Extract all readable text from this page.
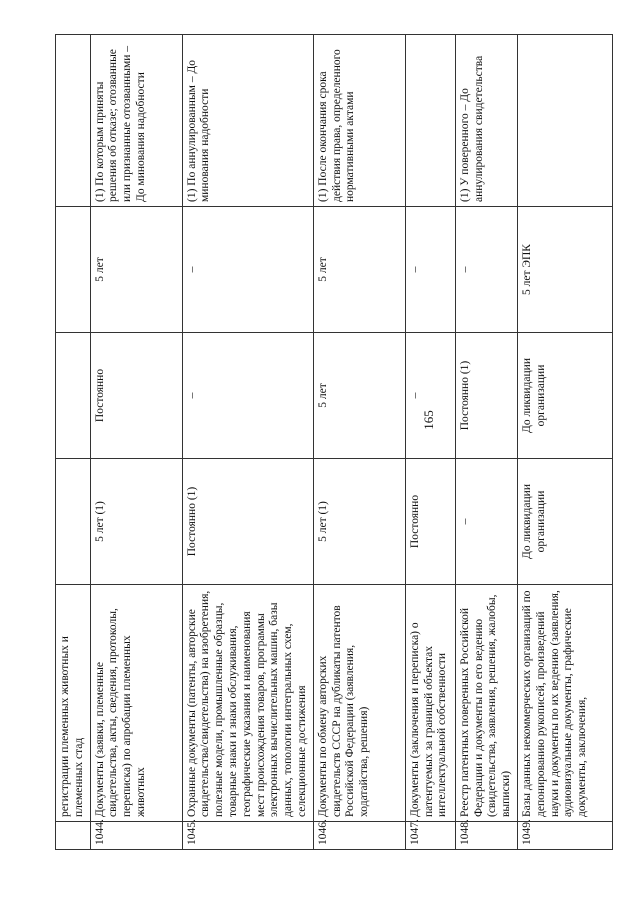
165
	регистрации племенных животных и племенных стад				
1044.	Документы (заявки, племенные свидетельства, акты, сведения, протоколы, переписка) по апробации племенных животных	5 лет (1)	Постоянно	5 лет	(1) По которым приняты решения об отказе; отозванные или признанные отозванными – До минования надобности
1045.	Охранные документы (патенты, авторские свидетельства/свидетельства) на изобретения, полезные модели, промышленные образцы, товарные знаки и знаки обслуживания, географические указания и наименования мест происхождения товаров, программы электронных вычислительных машин, базы данных, топологии интегральных схем, селекционные достижения	Постоянно (1)	–	–	(1) По аннулированным – До минования надобности
1046.	Документы по обмену авторских свидетельств СССР на дубликаты патентов Российской Федерации (заявления, ходатайства, решения)	5 лет (1)	5 лет	5 лет	(1) После окончания срока действия права, определенного нормативными актами
1047.	Документы (заключения и переписка) о патентуемых за границей объектах интеллектуальной собственности	Постоянно	–	–	
1048.	Реестр патентных поверенных Российской Федерации и документы по его ведению (свидетельства, заявления, решения, жалобы, выписки)	–	Постоянно (1)	–	(1) У поверенного – До аннулирования свидетельства
1049.	Базы данных некоммерческих организаций по депонированию рукописей, произведений науки и документы по их ведению (заявления, аудиовизуальные документы, графические документы, заключения,	До ликвидации организации	До ликвидации организации	5 лет ЭПК	
